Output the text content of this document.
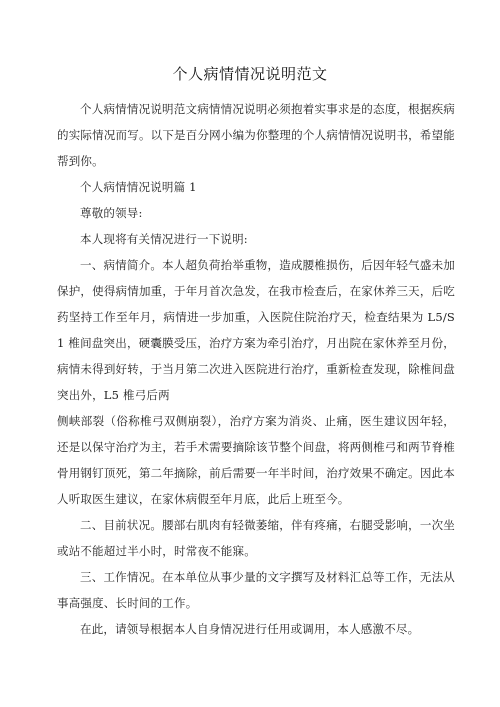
个人病情情况说明范文

个人病情情况说明范文病情情况说明必须抱着实事求是的态度，根据疾病的实际情况而写。以下是百分网小编为你整理的个人病情情况说明书，希望能帮到你。

个人病情情况说明篇 1

尊敬的领导:

本人现将有关情况进行一下说明:

一、病情简介。本人超负荷抬举重物，造成腰椎损伤，后因年轻气盛未加保护，使得病情加重，于年月首次急发，在我市检查后，在家休养三天，后吃药坚持工作至年月，病情进一步加重，入医院住院治疗天，检查结果为 L5/S1 椎间盘突出，硬囊膜受压，治疗方案为牵引治疗，月出院在家休养至月份，病情未得到好转，于当月第二次进入医院进行治疗，重新检查发现，除椎间盘突出外，L5 椎弓后两

侧峡部裂（俗称椎弓双侧崩裂），治疗方案为消炎、止痛，医生建议因年轻，还是以保守治疗为主，若手术需要摘除该节整个间盘，将两侧椎弓和两节脊椎骨用钢钉顶死，第二年摘除，前后需要一年半时间，治疗效果不确定。因此本人听取医生建议，在家休病假至年月底，此后上班至今。

二、目前状况。腰部右肌肉有轻微萎缩，伴有疼痛，右腿受影响，一次坐或站不能超过半小时，时常夜不能寐。

三、工作情况。在本单位从事少量的文字撰写及材料汇总等工作，无法从事高强度、长时间的工作。

在此，请领导根据本人自身情况进行任用或调用，本人感激不尽。
